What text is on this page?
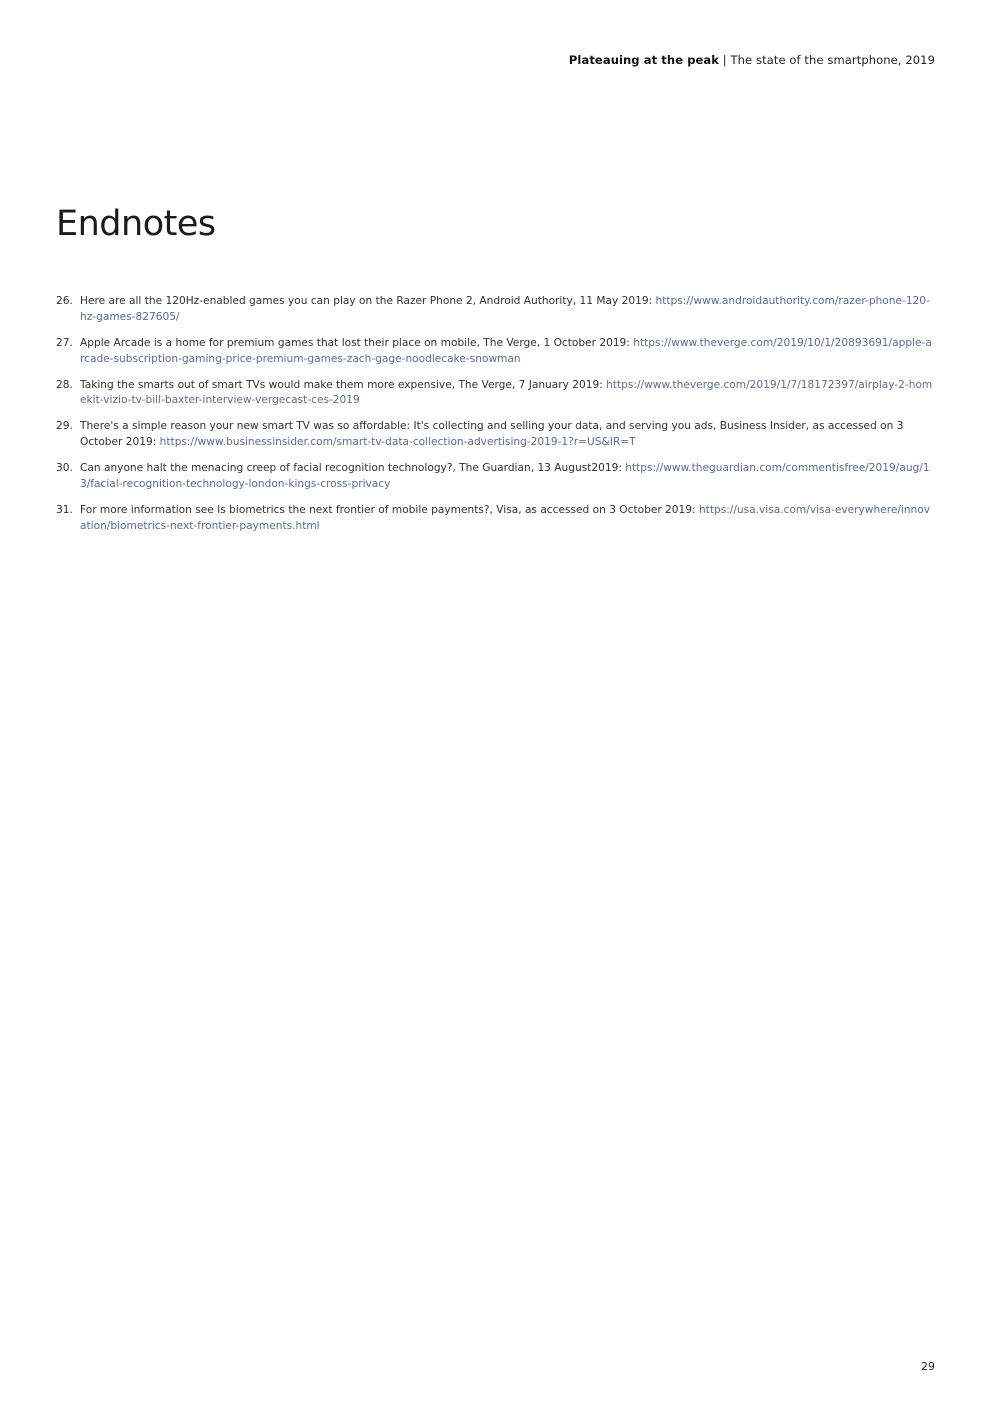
Plateauing at the peak | The state of the smartphone, 2019
Endnotes
26. Here are all the 120Hz-enabled games you can play on the Razer Phone 2, Android Authority, 11 May 2019: https://www.androidauthority.com/razer-phone-120-hz-games-827605/
27. Apple Arcade is a home for premium games that lost their place on mobile, The Verge, 1 October 2019: https://www.theverge.com/2019/10/1/20893691/apple-arcade-subscription-gaming-price-premium-games-zach-gage-noodlecake-snowman
28. Taking the smarts out of smart TVs would make them more expensive, The Verge, 7 January 2019: https://www.theverge.com/2019/1/7/18172397/airplay-2-homekit-vizio-tv-bill-baxter-interview-vergecast-ces-2019
29. There's a simple reason your new smart TV was so affordable: It's collecting and selling your data, and serving you ads, Business Insider, as accessed on 3 October 2019: https://www.businessinsider.com/smart-tv-data-collection-advertising-2019-1?r=US&IR=T
30. Can anyone halt the menacing creep of facial recognition technology?, The Guardian, 13 August2019: https://www.theguardian.com/commentisfree/2019/aug/13/facial-recognition-technology-london-kings-cross-privacy
31. For more information see Is biometrics the next frontier of mobile payments?, Visa, as accessed on 3 October 2019: https://usa.visa.com/visa-everywhere/innovation/biometrics-next-frontier-payments.html
29
